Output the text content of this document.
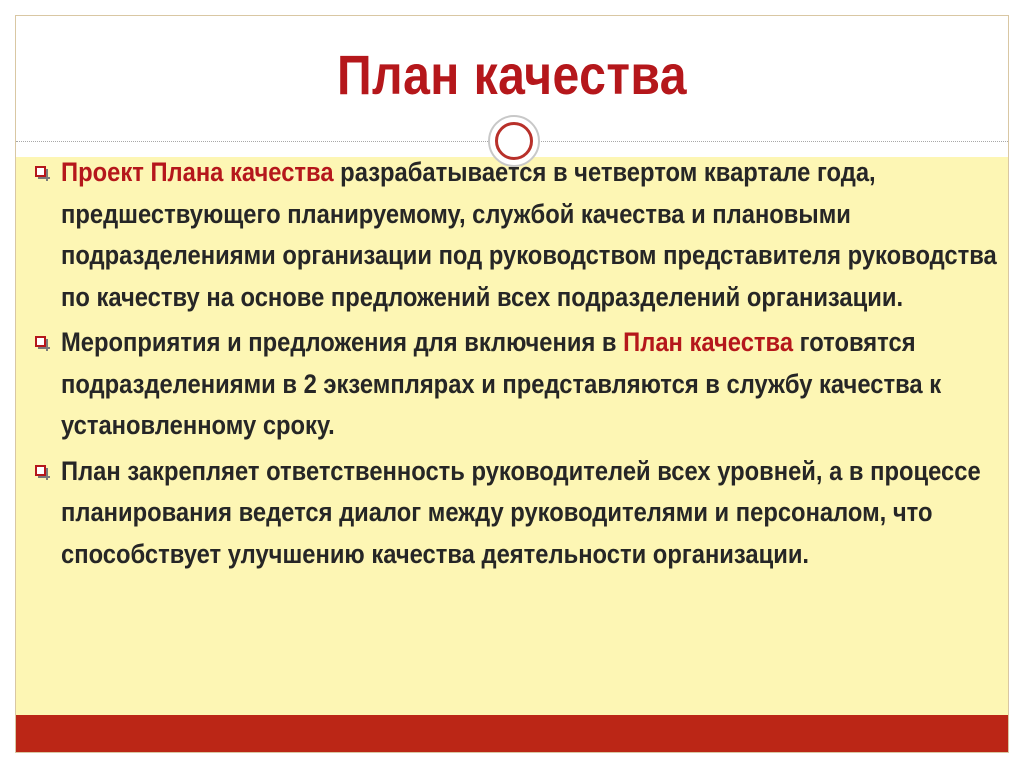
План качества
Проект Плана качества разрабатывается в четвертом квартале года, предшествующего планируемому, службой качества и плановыми подразделениями организации под руководством представителя руководства по качеству на основе предложений всех подразделений организации.
Мероприятия и предложения для включения в План качества готовятся подразделениями в 2 экземплярах и представляются в службу качества к установленному сроку.
План закрепляет ответственность руководителей всех уровней, а в процессе планирования ведется диалог между руководителями и персоналом, что способствует улучшению качества деятельности организации.
